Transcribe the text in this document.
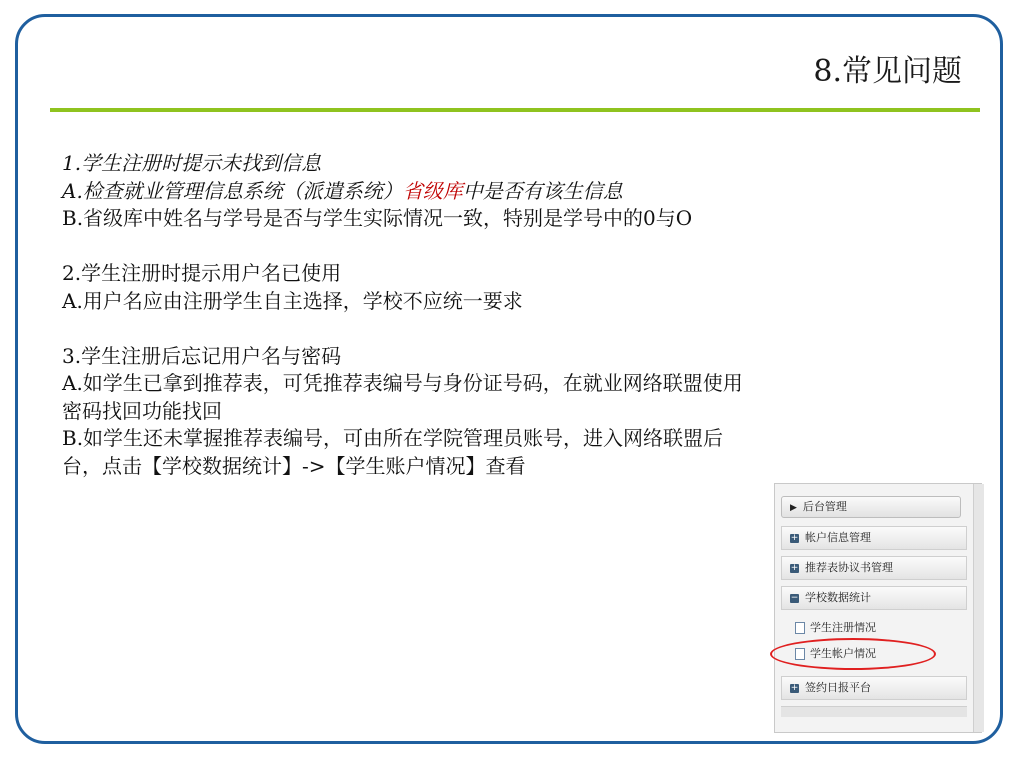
8.常见问题

1.学生注册时提示未找到信息

A.检查就业管理信息系统（派遣系统）省级库中是否有该生信息

B.省级库中姓名与学号是否与学生实际情况一致，特别是学号中的0与O

2.学生注册时提示用户名已使用

A.用户名应由注册学生自主选择，学校不应统一要求

3.学生注册后忘记用户名与密码

A.如学生已拿到推荐表，可凭推荐表编号与身份证号码，在就业网络联盟使用密码找回功能找回

B.如学生还未掌握推荐表编号，可由所在学院管理员账号，进入网络联盟后台，点击【学校数据统计】->【学生账户情况】查看

▶ 后台管理
+ 帐户信息管理
+ 推荐表协议书管理
− 学校数据统计
学生注册情况
学生帐户情况
+ 签约日报平台
